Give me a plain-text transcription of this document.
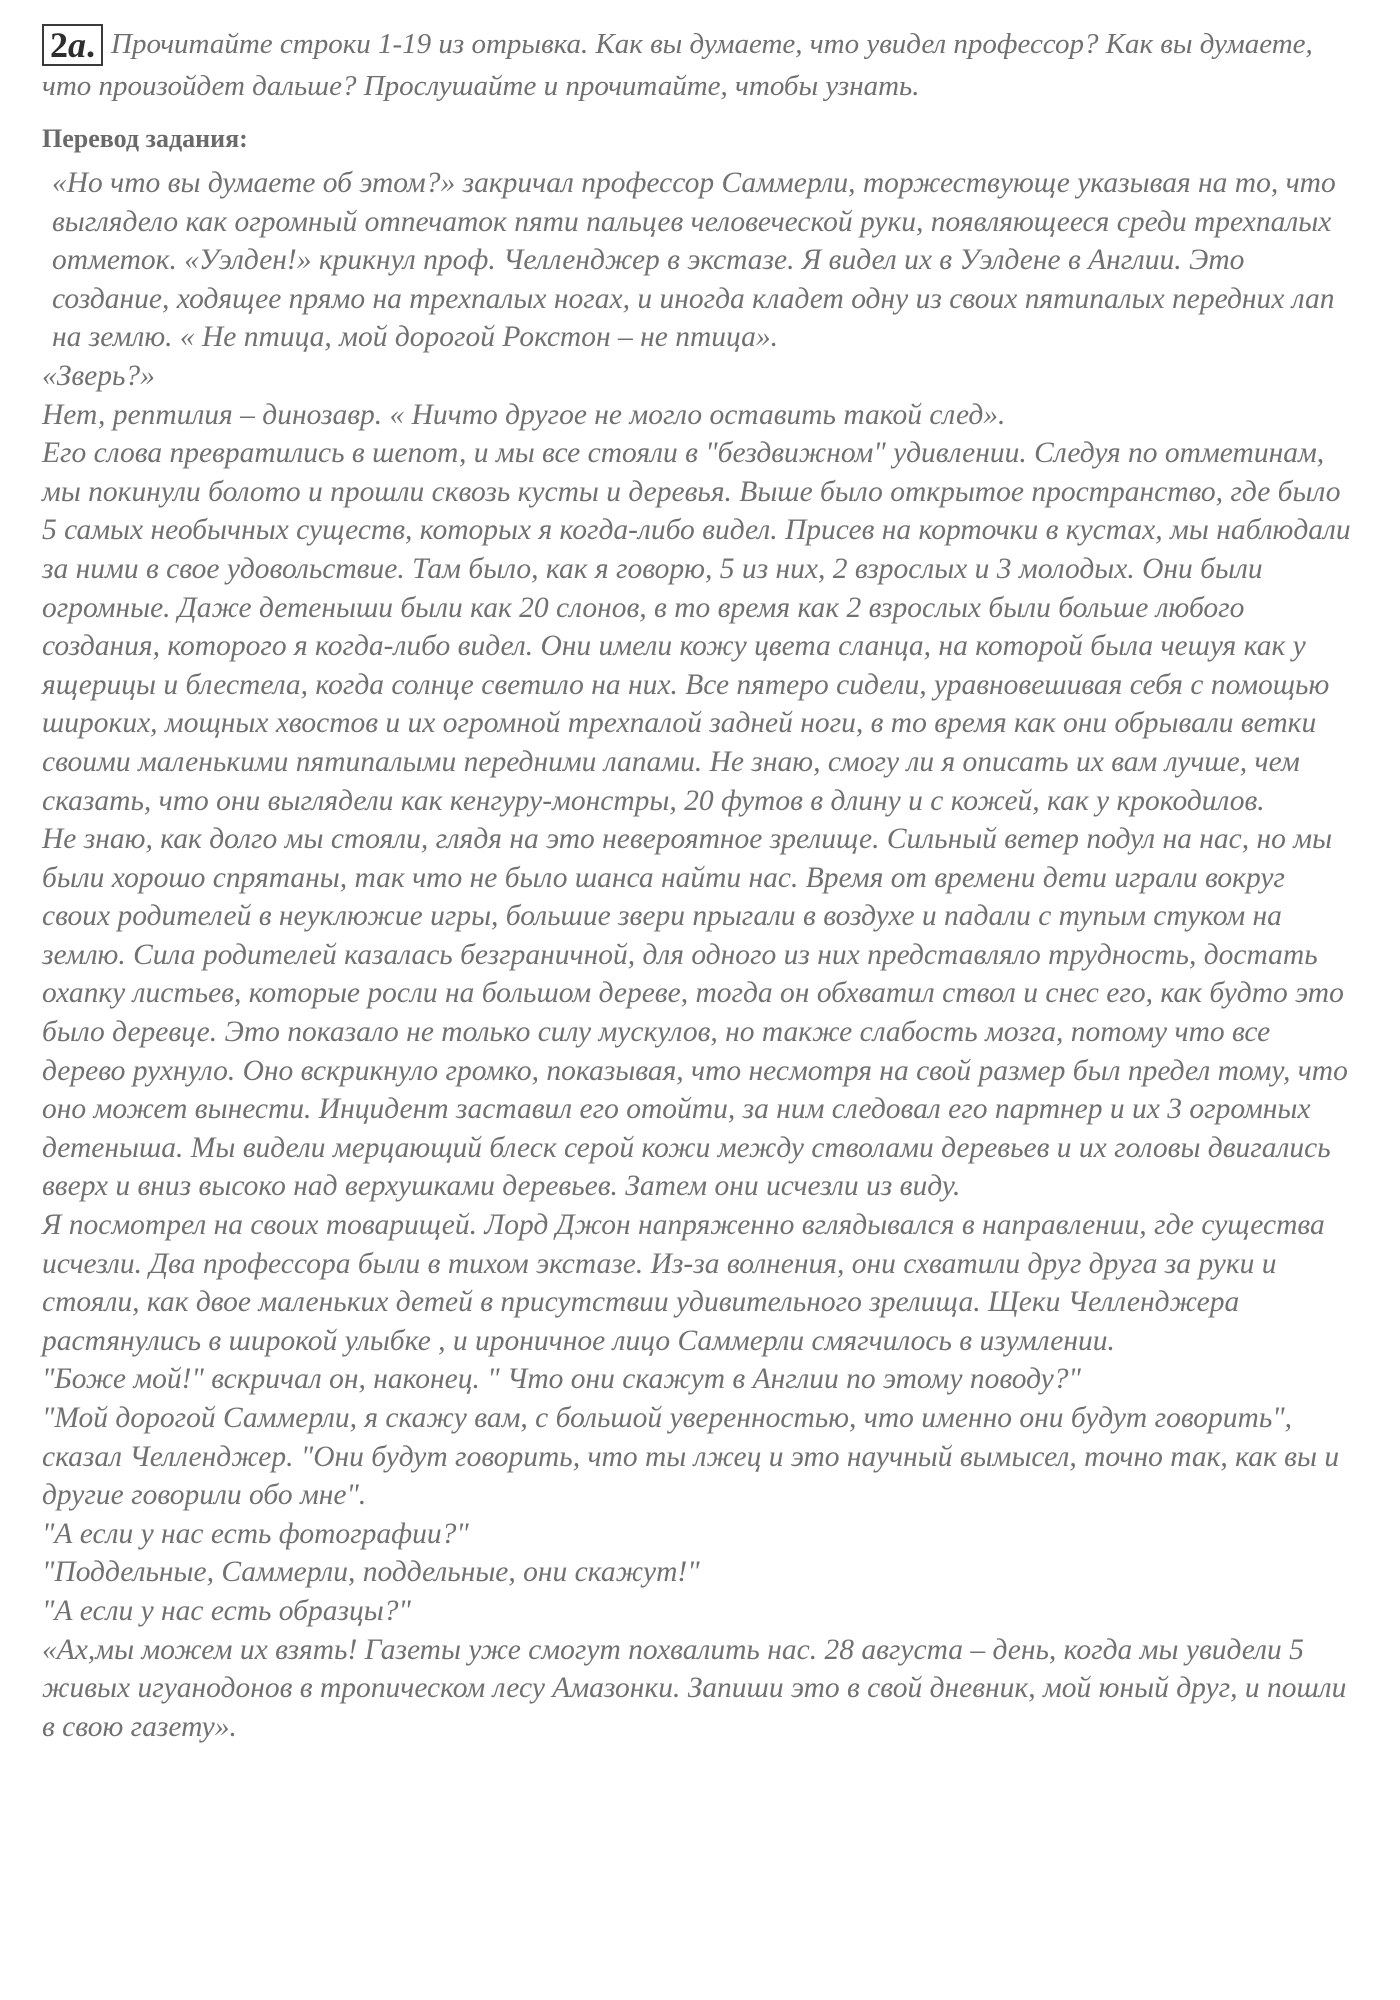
2a. Прочитайте строки 1-19 из отрывка. Как вы думаете, что увидел профессор? Как вы думаете, что произойдет дальше? Прослушайте и прочитайте, чтобы узнать.
Перевод задания:

«Но что вы думаете об этом?» закричал профессор Саммерли, торжествующе указывая на то, что выглядело как огромный отпечаток пяти пальцев человеческой руки, появляющееся среди трехпалых отметок. «Уэлден!» крикнул проф. Челленджер в экстазе. Я видел их в Уэлдене в Англии. Это создание, ходящее прямо на трехпалых ногах, и иногда кладет одну из своих пятипалых передних лап на землю. « Не птица, мой дорогой Рокстон – не птица».

«Зверь?»

Нет, рептилия – динозавр. « Ничто другое не могло оставить такой след».

Его слова превратились в шепот, и мы все стояли в "бездвижном" удивлении. Следуя по отметинам, мы покинули болото и прошли сквозь кусты и деревья. Выше было открытое пространство, где было 5 самых необычных существ, которых я когда-либо видел. Присев на корточки в кустах, мы наблюдали за ними в свое удовольствие. Там было, как я говорю, 5 из них, 2 взрослых и 3 молодых. Они были огромные. Даже детеныши были как 20 слонов, в то время как 2 взрослых были больше любого создания, которого я когда-либо видел. Они имели кожу цвета сланца, на которой была чешуя как у ящерицы и блестела, когда солнце светило на них. Все пятеро сидели, уравновешивая себя с помощью широких, мощных хвостов и их огромной трехпалой задней ноги, в то время как они обрывали ветки своими маленькими пятипалыми передними лапами. Не знаю, смогу ли я описать их вам лучше, чем сказать, что они выглядели как кенгуру-монстры, 20 футов в длину и с кожей, как у крокодилов.

Не знаю, как долго мы стояли, глядя на это невероятное зрелище. Сильный ветер подул на нас, но мы были хорошо спрятаны, так что не было шанса найти нас. Время от времени дети играли вокруг своих родителей в неуклюжие игры, большие звери прыгали в воздухе и падали с тупым стуком на землю. Сила родителей казалась безграничной, для одного из них представляло трудность, достать охапку листьев, которые росли на большом дереве, тогда он обхватил ствол и снес его, как будто это было деревце. Это показало не только силу мускулов, но также слабость мозга, потому что все дерево рухнуло. Оно вскрикнуло громко, показывая, что несмотря на свой размер был предел тому, что оно может вынести. Инцидент заставил его отойти, за ним следовал его партнер и их 3 огромных детеныша. Мы видели мерцающий блеск серой кожи между стволами деревьев и их головы двигались вверх и вниз высоко над верхушками деревьев. Затем они исчезли из виду.

Я посмотрел на своих товарищей. Лорд Джон напряженно вглядывался в направлении, где существа исчезли. Два профессора были в тихом экстазе. Из-за волнения, они схватили друг друга за руки и стояли, как двое маленьких детей в присутствии удивительного зрелища. Щеки Челленджера растянулись в широкой улыбке , и ироничное лицо Саммерли смягчилось в изумлении.

"Боже мой!" вскричал он, наконец. " Что они скажут в Англии по этому поводу?"

"Мой дорогой Саммерли, я скажу вам, с большой уверенностью, что именно они будут говорить", сказал Челленджер. "Они будут говорить, что ты лжец и это научный вымысел, точно так, как вы и другие говорили обо мне".

"А если у нас есть фотографии?"

"Поддельные, Саммерли, поддельные, они скажут!"

"А если у нас есть образцы?"

«Ах,мы можем их взять! Газеты уже смогут похвалить нас. 28 августа – день, когда мы увидели 5 живых игуанодонов в тропическом лесу Амазонки. Запиши это в свой дневник, мой юный друг, и пошли в свою газету».
